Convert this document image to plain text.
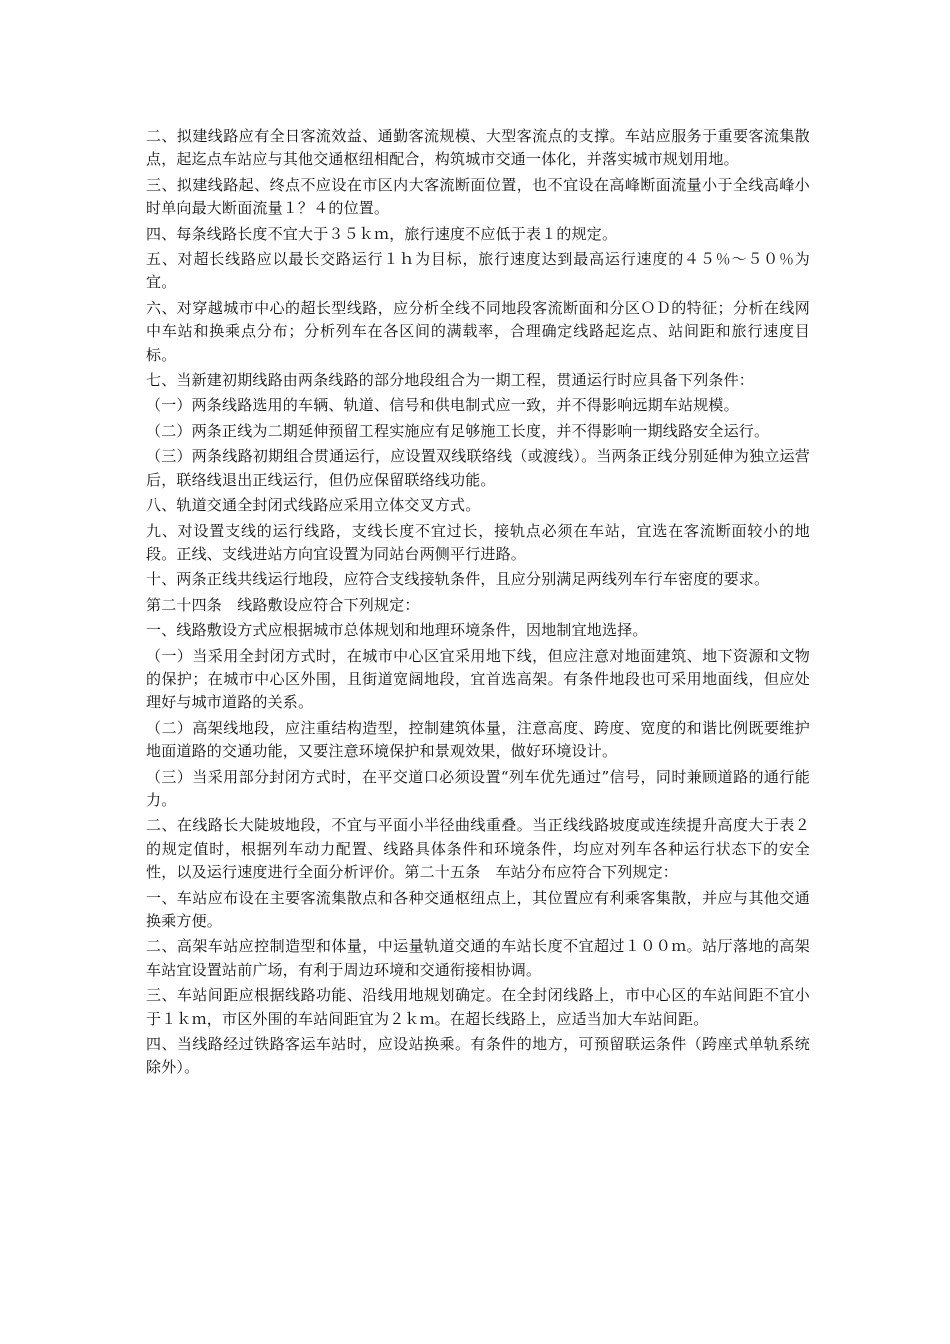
二、拟建线路应有全日客流效益、通勤客流规模、大型客流点的支撑。车站应服务于重要客流集散点，起迄点车站应与其他交通枢纽相配合，构筑城市交通一体化，并落实城市规划用地。

三、拟建线路起、终点不应设在市区内大客流断面位置，也不宜设在高峰断面流量小于全线高峰小时单向最大断面流量１？４的位置。

四、每条线路长度不宜大于３５ｋｍ，旅行速度不应低于表１的规定。

五、对超长线路应以最长交路运行１ｈ为目标，旅行速度达到最高运行速度的４５％～５０％为宜。

六、对穿越城市中心的超长型线路，应分析全线不同地段客流断面和分区ＯＤ的特征；分析在线网中车站和换乘点分布；分析列车在各区间的满载率，合理确定线路起迄点、站间距和旅行速度目标。

七、当新建初期线路由两条线路的部分地段组合为一期工程，贯通运行时应具备下列条件：

（一）两条线路选用的车辆、轨道、信号和供电制式应一致，并不得影响远期车站规模。

（二）两条正线为二期延伸预留工程实施应有足够施工长度，并不得影响一期线路安全运行。

（三）两条线路初期组合贯通运行，应设置双线联络线（或渡线）。当两条正线分别延伸为独立运营后，联络线退出正线运行，但仍应保留联络线功能。

八、轨道交通全封闭式线路应采用立体交叉方式。

九、对设置支线的运行线路，支线长度不宜过长，接轨点必须在车站，宜选在客流断面较小的地段。正线、支线进站方向宜设置为同站台两侧平行进路。

十、两条正线共线运行地段，应符合支线接轨条件，且应分别满足两线列车行车密度的要求。

第二十四条　线路敷设应符合下列规定：

一、线路敷设方式应根据城市总体规划和地理环境条件，因地制宜地选择。

（一）当采用全封闭方式时，在城市中心区宜采用地下线，但应注意对地面建筑、地下资源和文物的保护；在城市中心区外围，且街道宽阔地段，宜首选高架。有条件地段也可采用地面线，但应处理好与城市道路的关系。

（二）高架线地段，应注重结构造型，控制建筑体量，注意高度、跨度、宽度的和谐比例既要维护地面道路的交通功能，又要注意环境保护和景观效果，做好环境设计。

（三）当采用部分封闭方式时，在平交道口必须设置“列车优先通过”信号，同时兼顾道路的通行能力。

二、在线路长大陡坡地段，不宜与平面小半径曲线重叠。当正线线路坡度或连续提升高度大于表２的规定值时，根据列车动力配置、线路具体条件和环境条件，均应对列车各种运行状态下的安全性，以及运行速度进行全面分析评价。第二十五条　车站分布应符合下列规定：

一、车站应布设在主要客流集散点和各种交通枢纽点上，其位置应有利乘客集散，并应与其他交通换乘方便。

二、高架车站应控制造型和体量，中运量轨道交通的车站长度不宜超过１００ｍ。站厅落地的高架车站宜设置站前广场，有利于周边环境和交通衔接相协调。

三、车站间距应根据线路功能、沿线用地规划确定。在全封闭线路上，市中心区的车站间距不宜小于１ｋｍ，市区外围的车站间距宜为２ｋｍ。在超长线路上，应适当加大车站间距。

四、当线路经过铁路客运车站时，应设站换乘。有条件的地方，可预留联运条件（跨座式单轨系统除外）。
